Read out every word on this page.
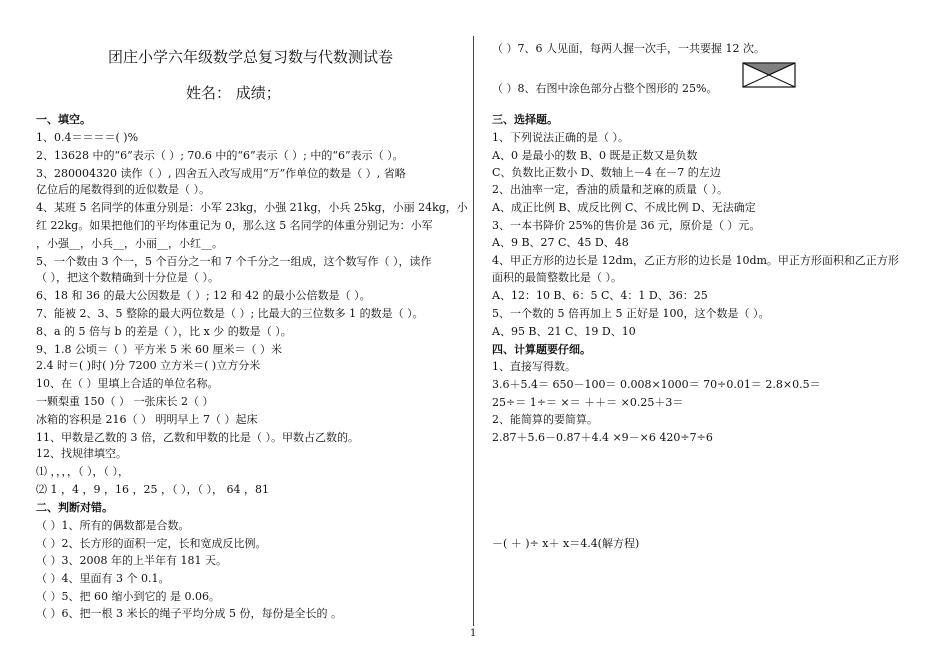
团庄小学六年级数学总复习数与代数测试卷
姓名： 成绩；
一、填空。
1、0.4＝＝＝＝( )%
2、13628 中的“6”表示（ ）; 70.6 中的“6”表示（ ）; 中的“6”表示（ ）。
3、280004320 读作（ ）, 四舍五入改写成用“万”作单位的数是（ ）, 省略
亿位后的尾数得到的近似数是（ ）。
4、某班 5 名同学的体重分别是：小军 23kg，小强 21kg，小兵 25kg，小丽 24kg，小
红 22kg。如果把他们的平均体重记为 0，那么这 5 名同学的体重分别记为：小军
，小强__，小兵__，小丽__，小红__。
5、一个数由 3 个一，5 个百分之一和 7 个千分之一组成，这个数写作（ ），读作
（ ），把这个数精确到十分位是（ ）。
6、18 和 36 的最大公因数是（ ）; 12 和 42 的最小公倍数是（ ）。
7、能被 2、3、5 整除的最大两位数是（ ）; 比最大的三位数多 1 的数是（ ）。
8、a 的 5 倍与 b 的差是（ ），比 x 少 的数是（ ）。
9、1.8 公顷＝（ ）平方米 5 米 60 厘米＝（ ）米
2.4 时＝( )时( )分 7200 立方米＝( )立方分米
10、在（ ）里填上合适的单位名称。
一颗梨重 150（ ） 一张床长 2（ ）
冰箱的容积是 216（ ） 明明早上 7（ ）起床
11、甲数是乙数的 3 倍，乙数和甲数的比是（ ）。甲数占乙数的。
12、找规律填空。
⑴ ，，，，（ ），（ ），
⑵ 1 ，4 ，9 ，16 ，25 ，（ ），（ ）， 64 ，81
二、判断对错。
（ ）1、所有的偶数都是合数。
（ ）2、长方形的面积一定，长和宽成反比例。
（ ）3、2008 年的上半年有 181 天。
（ ）4、里面有 3 个 0.1。
（ ）5、把 60 缩小到它的 是 0.06。
（ ）6、把一根 3 米长的绳子平均分成 5 份，每份是全长的 。
（ ）7、6 人见面，每两人握一次手，一共要握 12 次。
（ ）8、右图中涂色部分占整个图形的 25%。
三、选择题。
1、下列说法正确的是（ ）。
A、0 是最小的数 B、0 既是正数又是负数
C、负数比正数小 D、数轴上－4 在－7 的左边
2、出油率一定，香油的质量和芝麻的质量（ ）。
A、成正比例 B、成反比例 C、不成比例 D、无法确定
3、一本书降价 25%的售价是 36 元，原价是（ ）元。
A、9 B、27 C、45 D、48
4、甲正方形的边长是 12dm，乙正方形的边长是 10dm。甲正方形面积和乙正方形
面积的最简整数比是（ ）。
A、12：10 B、6：5 C、4：1 D、36：25
5、一个数的 5 倍再加上 5 正好是 100，这个数是（ ）。
A、95 B、21 C、19 D、10
四、计算题要仔细。
1、直接写得数。
3.6＋5.4＝ 650－100＝ 0.008×1000＝ 70÷0.01＝ 2.8×0.5＝
25÷＝ 1÷＝ ×＝ ＋＋＝ ×0.25＋3＝
2、能简算的要简算。
2.87＋5.6－0.87＋4.4 ×9－×6 420÷7÷6
－( ＋ )÷ x＋ x＝4.4(解方程)
1
